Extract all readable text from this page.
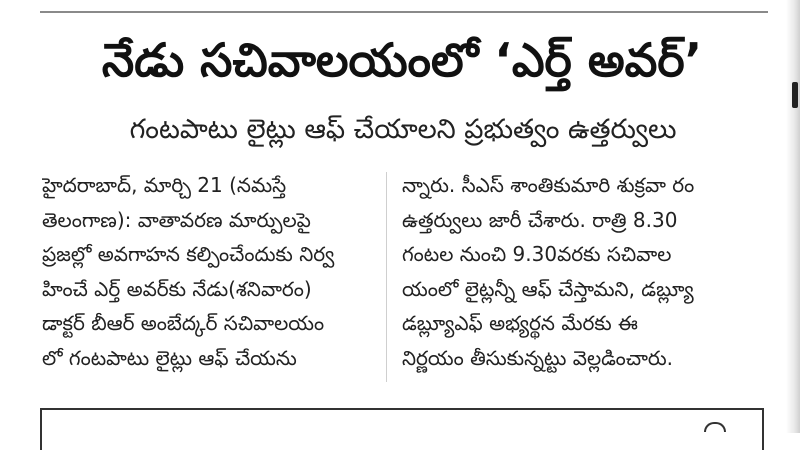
నేడు సచివాలయంలో ‘ఎర్త్ అవర్’
గంటపాటు లైట్లు ఆఫ్ చేయాలని ప్రభుత్వం ఉత్తర్వులు
హైదరాబాద్, మార్చి 21 (నమస్తే
తెలంగాణ): వాతావరణ మార్పులపై
ప్రజల్లో అవగాహన కల్పించేందుకు నిర్వ
హించే ఎర్త్ అవర్‌కు నేడు(శనివారం)
డాక్టర్ బీఆర్ అంబేద్కర్ సచివాలయం
లో గంటపాటు లైట్లు ఆఫ్ చేయను
న్నారు. సీఎస్ శాంతికుమారి శుక్రవా రం
ఉత్తర్వులు జారీ చేశారు. రాత్రి 8.30
గంటల నుంచి 9.30వరకు సచివాల
యంలో లైట్లన్నీ ఆఫ్ చేస్తామని, డబ్ల్యూ
డబ్ల్యూఎఫ్ అభ్యర్థన మేరకు ఈ
నిర్ణయం తీసుకున్నట్టు వెల్లడించారు.
